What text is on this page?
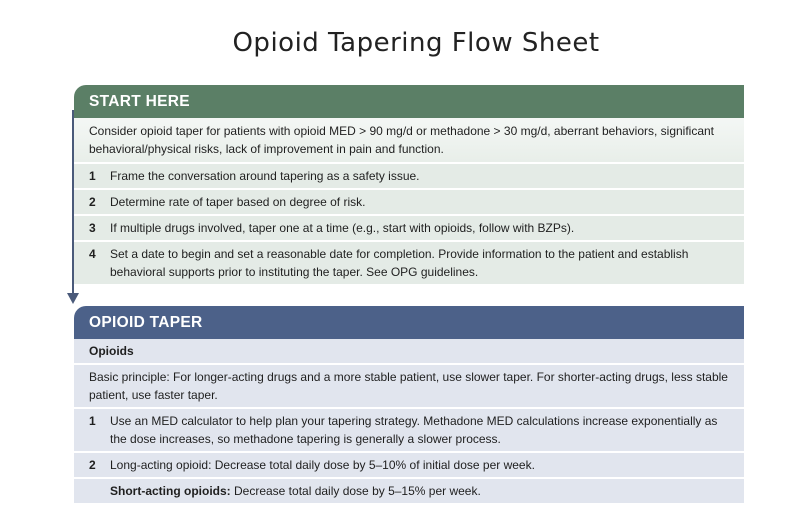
Opioid Tapering Flow Sheet
START HERE
Consider opioid taper for patients with opioid MED > 90 mg/d or methadone > 30 mg/d, aberrant behaviors, significant behavioral/physical risks, lack of improvement in pain and function.
1	Frame the conversation around tapering as a safety issue.
2	Determine rate of taper based on degree of risk.
3	If multiple drugs involved, taper one at a time (e.g., start with opioids, follow with BZPs).
4	Set a date to begin and set a reasonable date for completion. Provide information to the patient and establish behavioral supports prior to instituting the taper. See OPG guidelines.
OPIOID TAPER
Opioids
Basic principle: For longer-acting drugs and a more stable patient, use slower taper. For shorter-acting drugs, less stable patient, use faster taper.
1	Use an MED calculator to help plan your tapering strategy. Methadone MED calculations increase exponentially as the dose increases, so methadone tapering is generally a slower process.
2	Long-acting opioid: Decrease total daily dose by 5–10% of initial dose per week.
Short-acting opioids: Decrease total daily dose by 5–15% per week.
